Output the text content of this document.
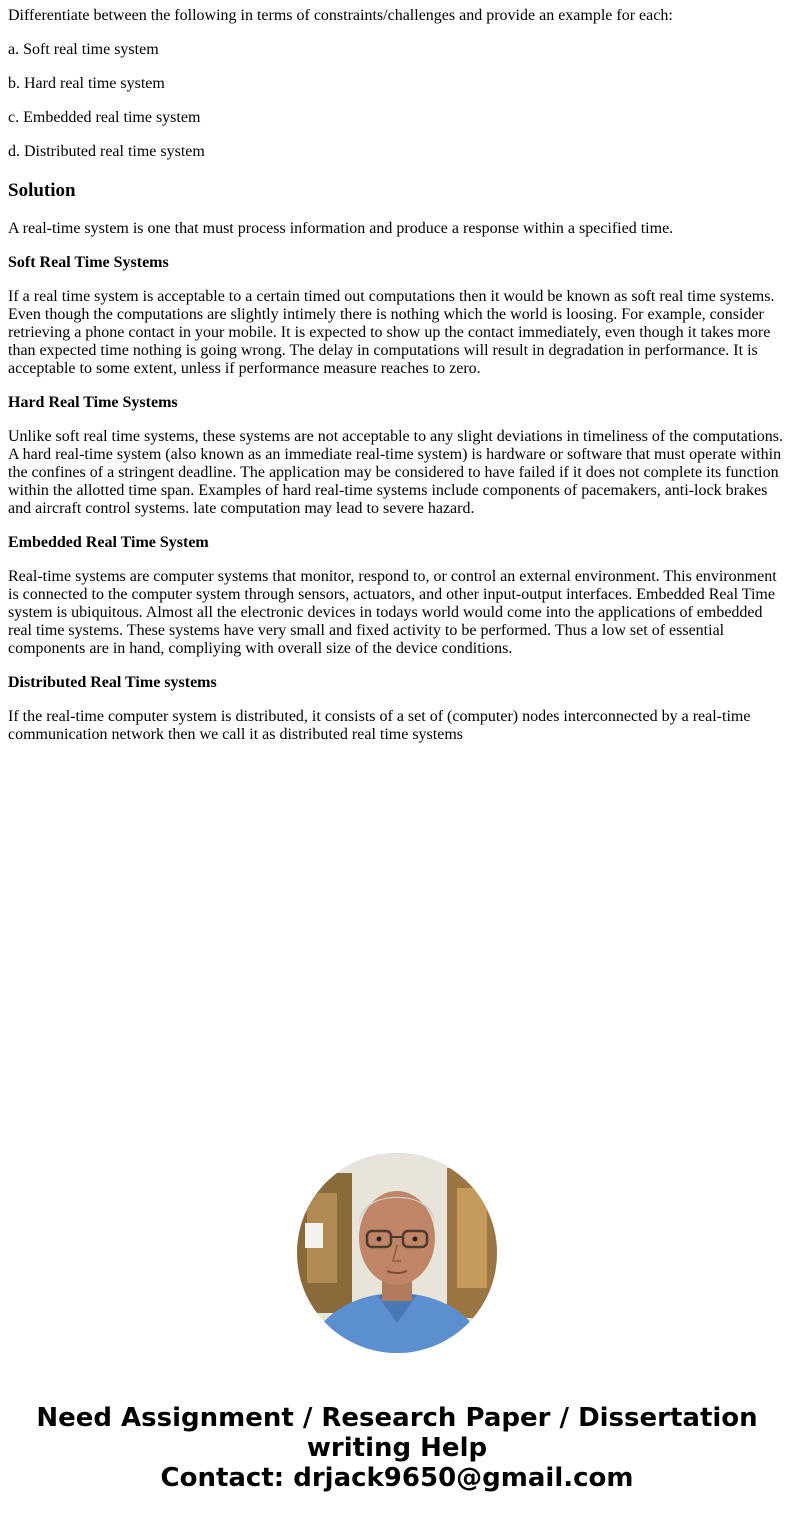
Differentiate between the following in terms of constraints/challenges and provide an example for each:

a. Soft real time system

b. Hard real time system

c. Embedded real time system

d. Distributed real time system

Solution

A real-time system is one that must process information and produce a response within a specified time.

Soft Real Time Systems

If a real time system is acceptable to a certain timed out computations then it would be known as soft real time systems. Even though the computations are slightly intimely there is nothing which the world is loosing. For example, consider retrieving a phone contact in your mobile. It is expected to show up the contact immediately, even though it takes more than expected time nothing is going wrong. The delay in computations will result in degradation in performance. It is acceptable to some extent, unless if performance measure reaches to zero.

Hard Real Time Systems

Unlike soft real time systems, these systems are not acceptable to any slight deviations in timeliness of the computations. A hard real-time system (also known as an immediate real-time system) is hardware or software that must operate within the confines of a stringent deadline. The application may be considered to have failed if it does not complete its function within the allotted time span. Examples of hard real-time systems include components of pacemakers, anti-lock brakes and aircraft control systems. late computation may lead to severe hazard.

Embedded Real Time System

Real-time systems are computer systems that monitor, respond to, or control an external environment. This environment is connected to the computer system through sensors, actuators, and other input-output interfaces. Embedded Real Time system is ubiquitous. Almost all the electronic devices in todays world would come into the applications of embedded real time systems. These systems have very small and fixed activity to be performed. Thus a low set of essential components are in hand, compliying with overall size of the device conditions.

Distributed Real Time systems

If the real-time computer system is distributed, it consists of a set of (computer) nodes interconnected by a real-time communication network then we call it as distributed real time systems

Need Assignment / Research Paper / Dissertation
writing Help
Contact: drjack9650@gmail.com
